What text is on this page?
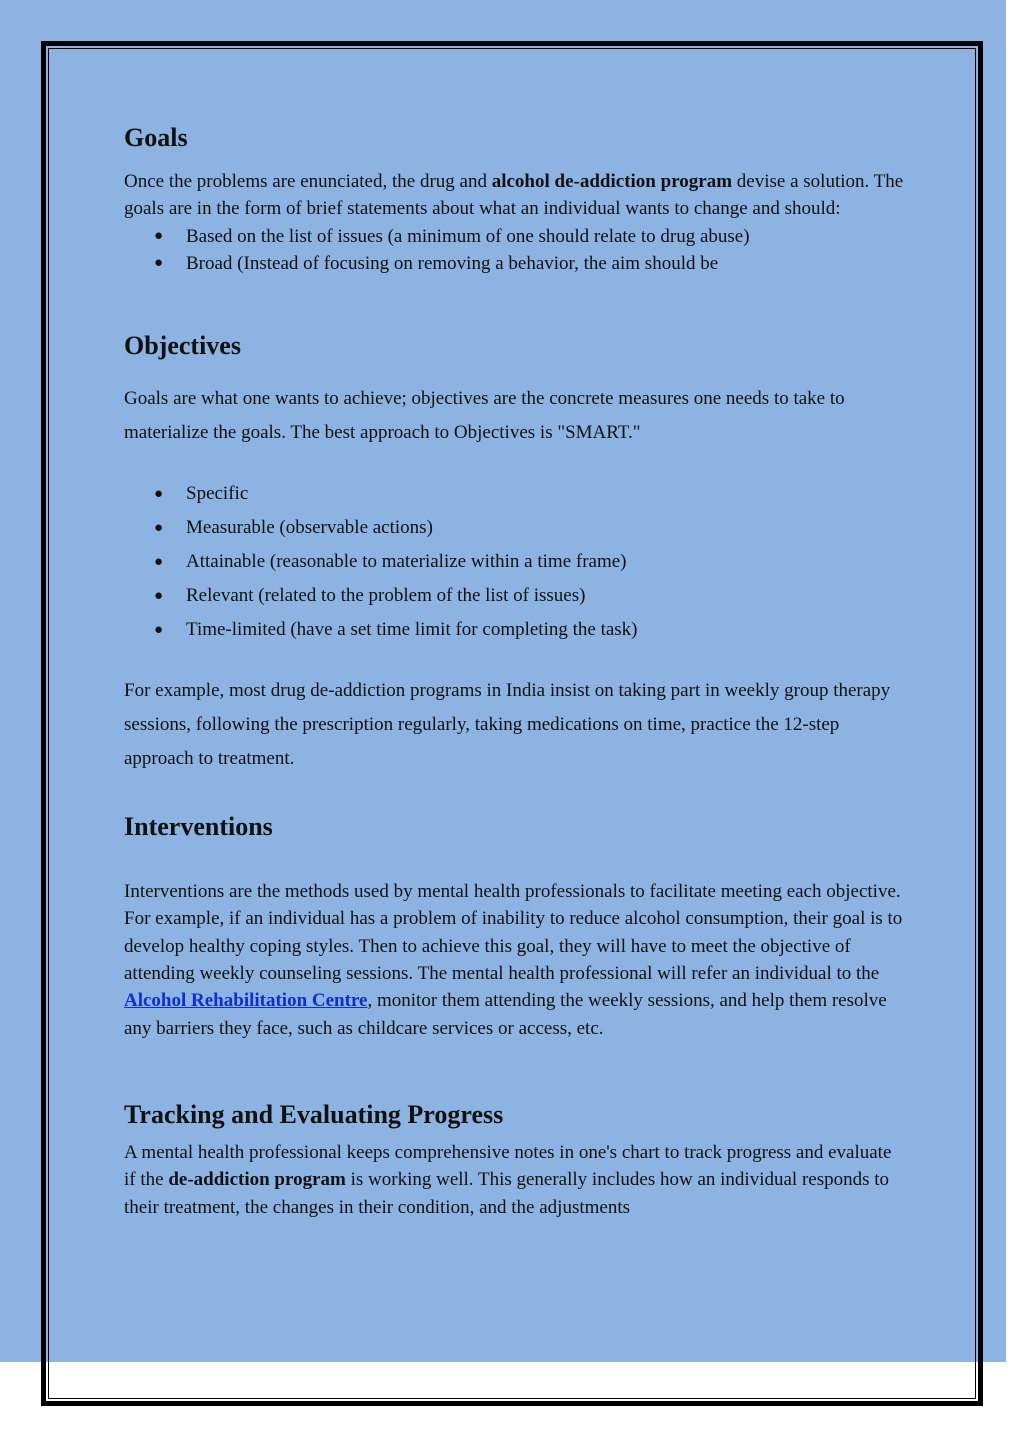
Goals

Once the problems are enunciated, the drug and alcohol de-addiction program devise a solution. The goals are in the form of brief statements about what an individual wants to change and should:

● Based on the list of issues (a minimum of one should relate to drug abuse)
● Broad (Instead of focusing on removing a behavior, the aim should be
Objectives

Goals are what one wants to achieve; objectives are the concrete measures one needs to take to materialize the goals. The best approach to Objectives is "SMART."

● Specific
● Measurable (observable actions)
● Attainable (reasonable to materialize within a time frame)
● Relevant (related to the problem of the list of issues)
● Time-limited (have a set time limit for completing the task)

For example, most drug de-addiction programs in India insist on taking part in weekly group therapy sessions, following the prescription regularly, taking medications on time, practice the 12-step approach to treatment.

Interventions

Interventions are the methods used by mental health professionals to facilitate meeting each objective. For example, if an individual has a problem of inability to reduce alcohol consumption, their goal is to develop healthy coping styles. Then to achieve this goal, they will have to meet the objective of attending weekly counseling sessions. The mental health professional will refer an individual to the Alcohol Rehabilitation Centre, monitor them attending the weekly sessions, and help them resolve any barriers they face, such as childcare services or access, etc.

Tracking and Evaluating Progress

A mental health professional keeps comprehensive notes in one's chart to track progress and evaluate if the de-addiction program is working well. This generally includes how an individual responds to their treatment, the changes in their condition, and the adjustments
